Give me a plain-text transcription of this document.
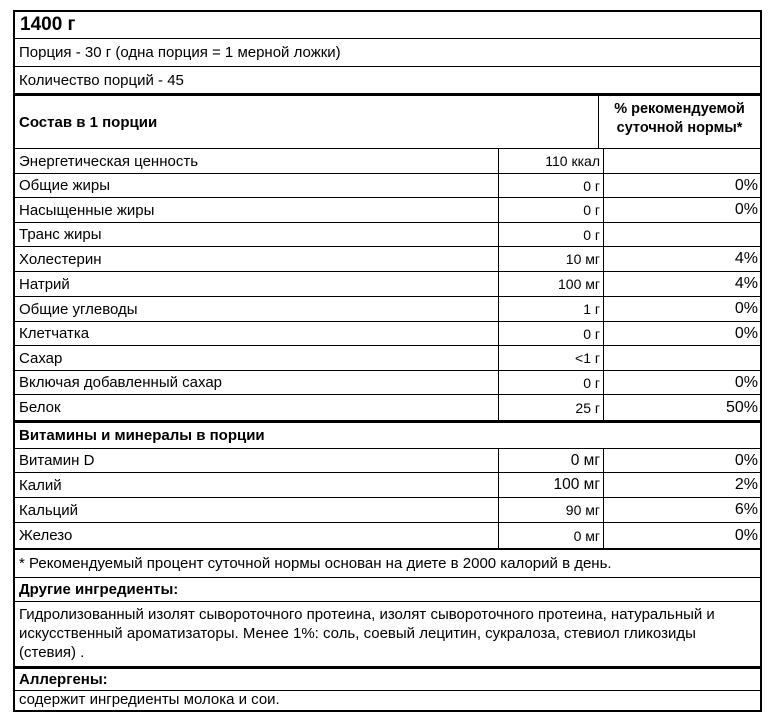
1400 г
Порция - 30 г (одна порция = 1 мерной ложки)
Количество порций - 45
Состав в 1 порции
% рекомендуемой
суточной нормы*
Энергетическая ценность	110 ккал
Общие жиры	0 г	0%
Насыщенные жиры	0 г	0%
Транс жиры	0 г
Холестерин	10 мг	4%
Натрий	100 мг	4%
Общие углеводы	1 г	0%
Клетчатка	0 г	0%
Сахар	<1 г
Включая добавленный сахар	0 г	0%
Белок	25 г	50%
Витамины и минералы в порции
Витамин D	0 мг	0%
Калий	100 мг	2%
Кальций	90 мг	6%
Железо	0 мг	0%
* Рекомендуемый процент суточной нормы основан на диете в 2000 калорий в день.
Другие ингредиенты:
Гидролизованный изолят сывороточного протеина, изолят сывороточного протеина, натуральный и искусственный ароматизаторы. Менее 1%: соль, соевый лецитин, сукралоза, стевиол гликозиды (стевия) .
Аллергены:
содержит ингредиенты молока и сои.
